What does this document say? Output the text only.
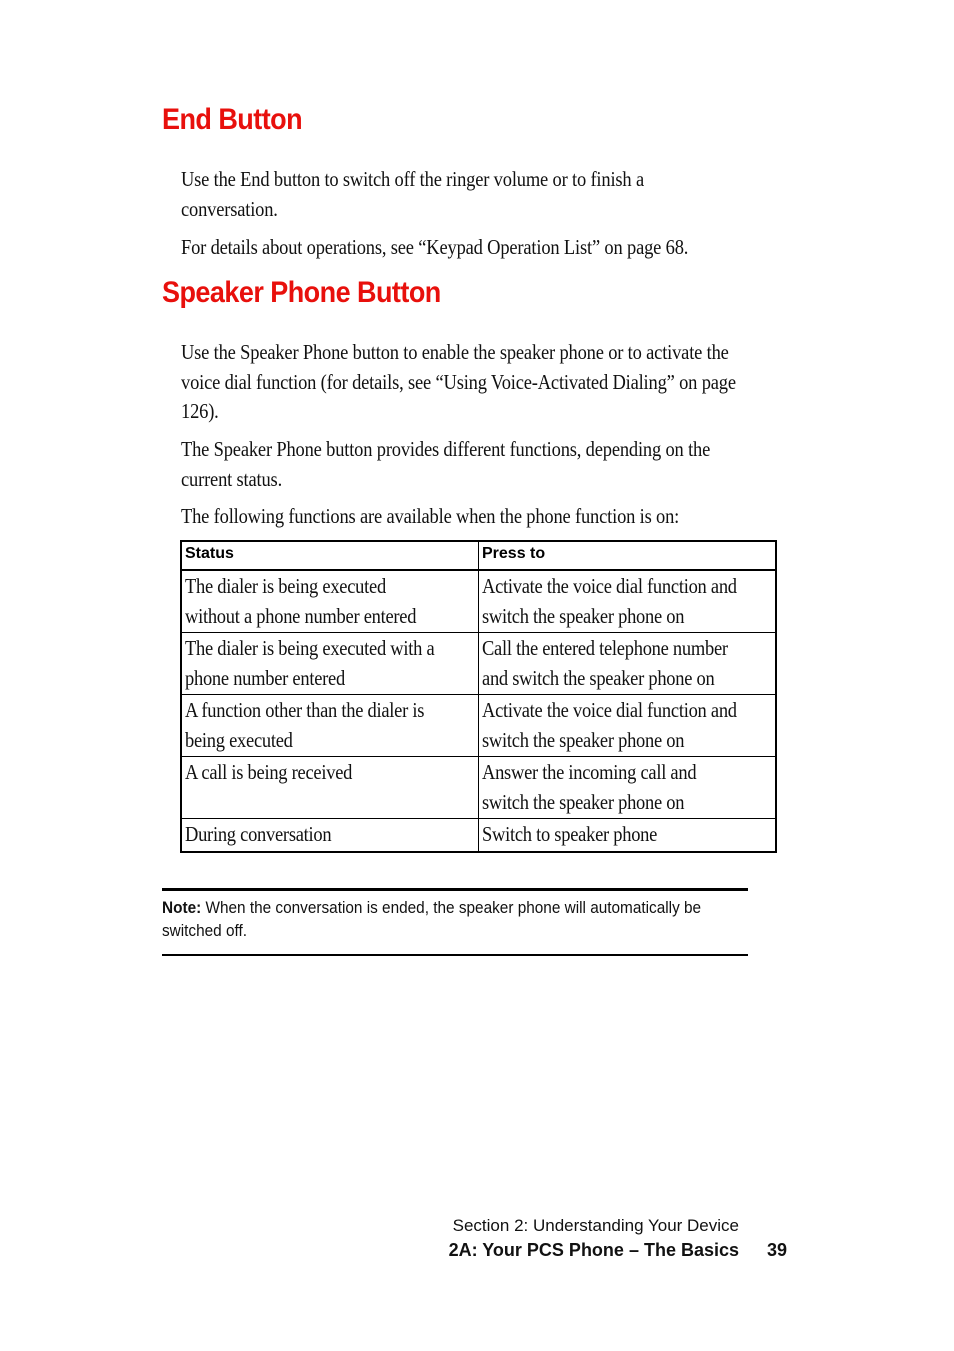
End Button

Use the End button to switch off the ringer volume or to finish a conversation.

For details about operations, see “Keypad Operation List” on page 68.

Speaker Phone Button

Use the Speaker Phone button to enable the speaker phone or to activate the voice dial function (for details, see “Using Voice-Activated Dialing” on page 126).

The Speaker Phone button provides different functions, depending on the current status.

The following functions are available when the phone function is on:

Status	Press to

The dialer is being executed without a phone number entered	Activate the voice dial function and switch the speaker phone on

The dialer is being executed with a phone number entered	Call the entered telephone number and switch the speaker phone on

A function other than the dialer is being executed	Activate the voice dial function and switch the speaker phone on

A call is being received	Answer the incoming call and switch the speaker phone on

During conversation	Switch to speaker phone

Note: When the conversation is ended, the speaker phone will automatically be switched off.

Section 2: Understanding Your Device

2A: Your PCS Phone – The Basics 39
